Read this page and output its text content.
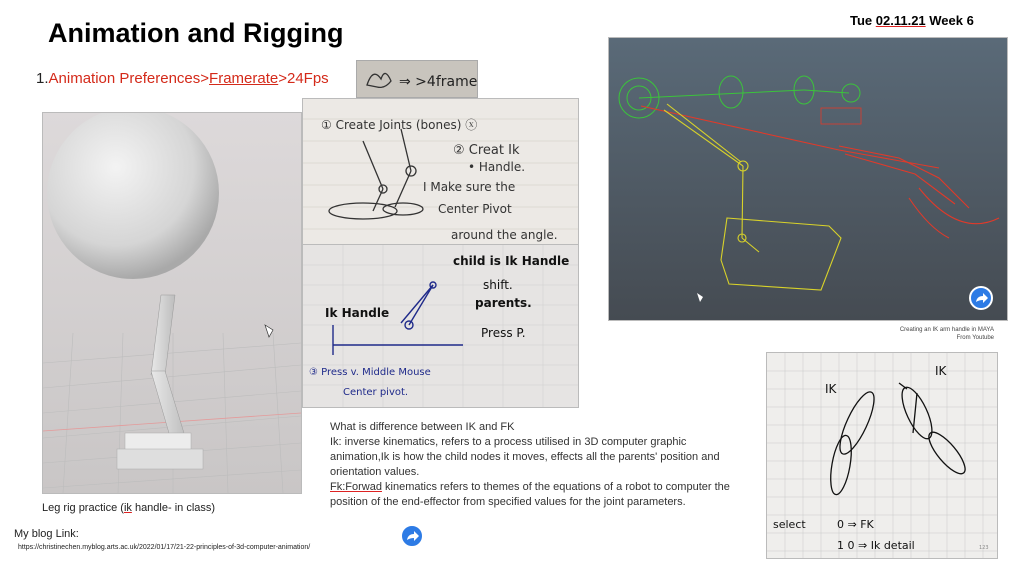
Animation and Rigging	Tue 02.11.21 Week 6
1.Animation Preferences>Framerate>24Fps	⇒ >4frames
① Create Joints (bones) ⓧ
② Creat Ik
• Handle.
I Make sure the
Center Pivot
around the angle.
child is Ik Handle
shift.
parents.
Press P.
Ik Handle
③ Press v. Middle Mouse
Center pivot.
Creating an IK arm handle in MAYA
From Youtube
IK
IK
select	0 ⇒ FK
1 0 ⇒ Ik detail	123
Leg rig practice (ik handle- in class)

What is difference between IK and FK

Ik: inverse kinematics, refers to a process utilised in 3D computer graphic animation,Ik is how the child nodes it moves, effects all the parents' position and orientation values.

Fk:Forwad kinematics refers to themes of the equations of a robot to computer the position of the end-effector from specified values for the joint parameters.

My blog Link:
https://christinechen.myblog.arts.ac.uk/2022/01/17/21-22-principles-of-3d-computer-animation/
